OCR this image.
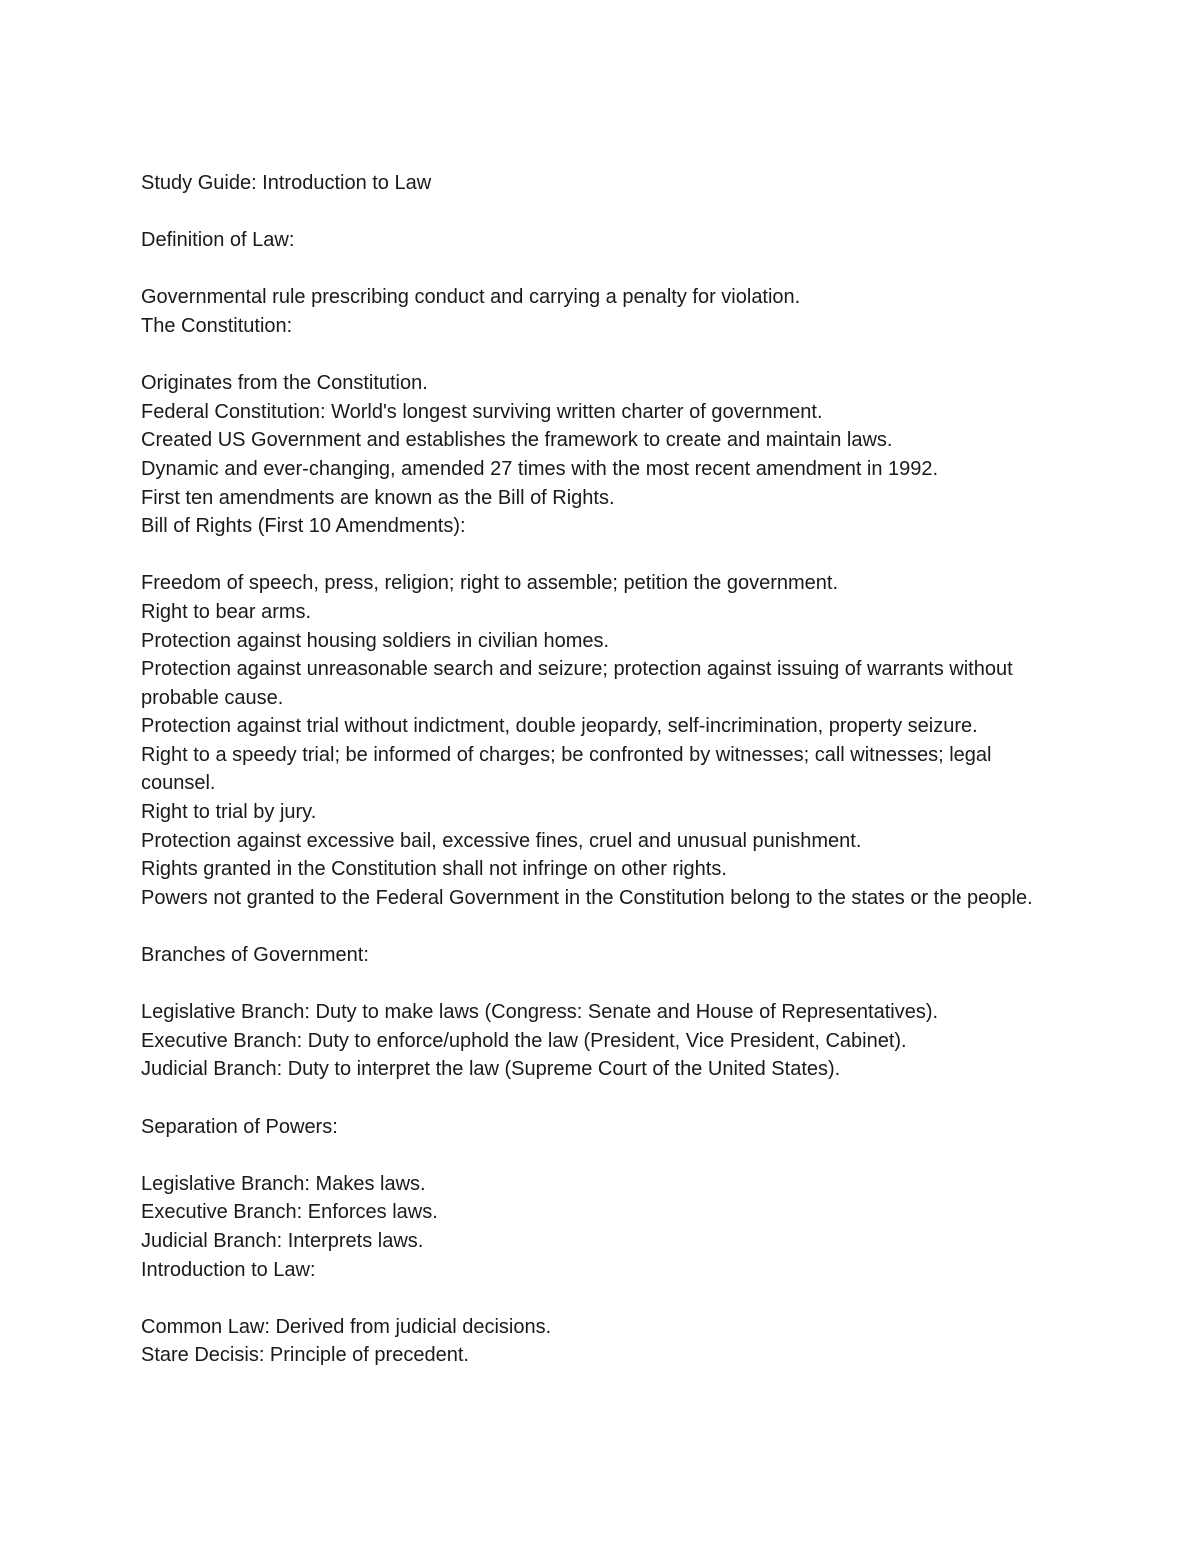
Study Guide: Introduction to Law
Definition of Law:
Governmental rule prescribing conduct and carrying a penalty for violation.
The Constitution:
Originates from the Constitution.
Federal Constitution: World's longest surviving written charter of government.
Created US Government and establishes the framework to create and maintain laws.
Dynamic and ever-changing, amended 27 times with the most recent amendment in 1992.
First ten amendments are known as the Bill of Rights.
Bill of Rights (First 10 Amendments):
Freedom of speech, press, religion; right to assemble; petition the government.
Right to bear arms.
Protection against housing soldiers in civilian homes.
Protection against unreasonable search and seizure; protection against issuing of warrants without probable cause.
Protection against trial without indictment, double jeopardy, self-incrimination, property seizure.
Right to a speedy trial; be informed of charges; be confronted by witnesses; call witnesses; legal counsel.
Right to trial by jury.
Protection against excessive bail, excessive fines, cruel and unusual punishment.
Rights granted in the Constitution shall not infringe on other rights.
Powers not granted to the Federal Government in the Constitution belong to the states or the people.
Branches of Government:
Legislative Branch: Duty to make laws (Congress: Senate and House of Representatives).
Executive Branch: Duty to enforce/uphold the law (President, Vice President, Cabinet).
Judicial Branch: Duty to interpret the law (Supreme Court of the United States).
Separation of Powers:
Legislative Branch: Makes laws.
Executive Branch: Enforces laws.
Judicial Branch: Interprets laws.
Introduction to Law:
Common Law: Derived from judicial decisions.
Stare Decisis: Principle of precedent.
